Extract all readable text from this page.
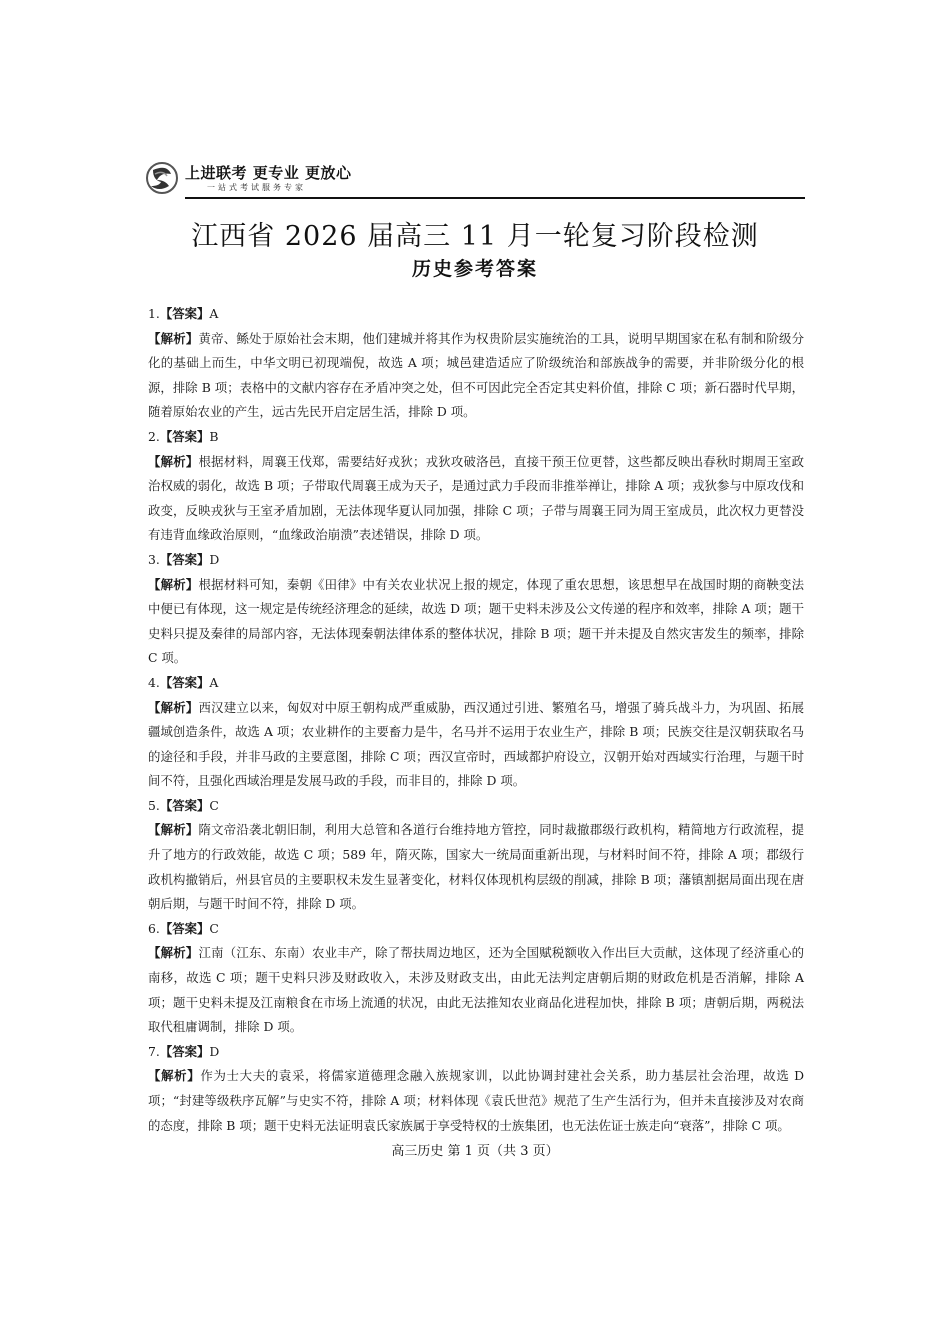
上进联考 更专业 更放心
一站式考试服务专家
江西省 2026 届高三 11 月一轮复习阶段检测
历史参考答案

1.【答案】A

【解析】黄帝、鲧处于原始社会末期，他们建城并将其作为权贵阶层实施统治的工具，说明早期国家在私有制和阶级分化的基础上而生，中华文明已初现端倪，故选 A 项；城邑建造适应了阶级统治和部族战争的需要，并非阶级分化的根源，排除 B 项；表格中的文献内容存在矛盾冲突之处，但不可因此完全否定其史料价值，排除 C 项；新石器时代早期，随着原始农业的产生，远古先民开启定居生活，排除 D 项。

2.【答案】B

【解析】根据材料，周襄王伐郑，需要结好戎狄；戎狄攻破洛邑，直接干预王位更替，这些都反映出春秋时期周王室政治权威的弱化，故选 B 项；子带取代周襄王成为天子，是通过武力手段而非推举禅让，排除 A 项；戎狄参与中原攻伐和政变，反映戎狄与王室矛盾加剧，无法体现华夏认同加强，排除 C 项；子带与周襄王同为周王室成员，此次权力更替没有违背血缘政治原则，“血缘政治崩溃”表述错误，排除 D 项。

3.【答案】D

【解析】根据材料可知，秦朝《田律》中有关农业状况上报的规定，体现了重农思想，该思想早在战国时期的商鞅变法中便已有体现，这一规定是传统经济理念的延续，故选 D 项；题干史料未涉及公文传递的程序和效率，排除 A 项；题干史料只提及秦律的局部内容，无法体现秦朝法律体系的整体状况，排除 B 项；题干并未提及自然灾害发生的频率，排除 C 项。

4.【答案】A

【解析】西汉建立以来，匈奴对中原王朝构成严重威胁，西汉通过引进、繁殖名马，增强了骑兵战斗力，为巩固、拓展疆域创造条件，故选 A 项；农业耕作的主要畜力是牛，名马并不运用于农业生产，排除 B 项；民族交往是汉朝获取名马的途径和手段，并非马政的主要意图，排除 C 项；西汉宣帝时，西域都护府设立，汉朝开始对西域实行治理，与题干时间不符，且强化西域治理是发展马政的手段，而非目的，排除 D 项。

5.【答案】C

【解析】隋文帝沿袭北朝旧制，利用大总管和各道行台维持地方管控，同时裁撤郡级行政机构，精简地方行政流程，提升了地方的行政效能，故选 C 项；589 年，隋灭陈，国家大一统局面重新出现，与材料时间不符，排除 A 项；郡级行政机构撤销后，州县官员的主要职权未发生显著变化，材料仅体现机构层级的削减，排除 B 项；藩镇割据局面出现在唐朝后期，与题干时间不符，排除 D 项。

6.【答案】C

【解析】江南（江东、东南）农业丰产，除了帮扶周边地区，还为全国赋税额收入作出巨大贡献，这体现了经济重心的南移，故选 C 项；题干史料只涉及财政收入，未涉及财政支出，由此无法判定唐朝后期的财政危机是否消解，排除 A 项；题干史料未提及江南粮食在市场上流通的状况，由此无法推知农业商品化进程加快，排除 B 项；唐朝后期，两税法取代租庸调制，排除 D 项。

7.【答案】D

【解析】作为士大夫的袁采，将儒家道德理念融入族规家训，以此协调封建社会关系，助力基层社会治理，故选 D 项；“封建等级秩序瓦解”与史实不符，排除 A 项；材料体现《袁氏世范》规范了生产生活行为，但并未直接涉及对农商的态度，排除 B 项；题干史料无法证明袁氏家族属于享受特权的士族集团，也无法佐证士族走向“衰落”，排除 C 项。

高三历史 第 1 页（共 3 页）
